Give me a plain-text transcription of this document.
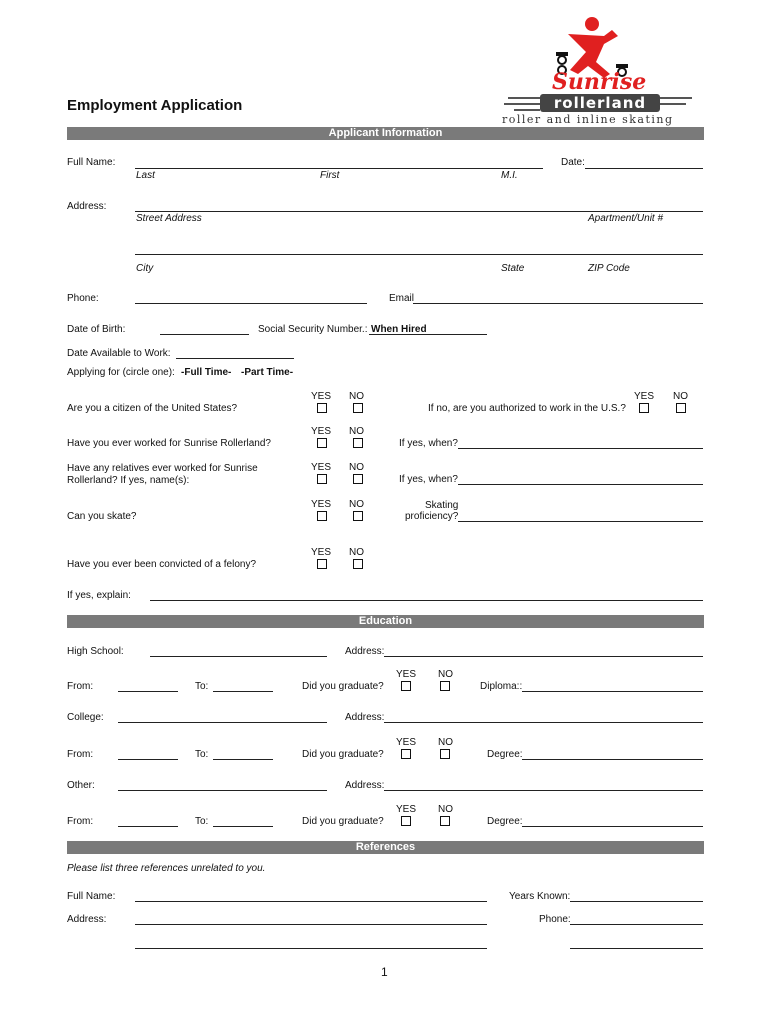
Sunrise
rollerland
roller and inline skating
Employment Application
Applicant Information
Full Name:	Date:
Last	First	M.I.
Address:
Street Address	Apartment/Unit #
City	State	ZIP Code
Phone:	Email
Date of Birth:	Social Security Number.: When Hired
Date Available to Work:
Applying for (circle one): -Full Time- -Part Time-
YES NO
Are you a citizen of the United States?	If no, are you authorized to work in the U.S.?
YES NO
YES NO
Have you ever worked for Sunrise Rollerland?	If yes, when?
YES NO
Have any relatives ever worked for Sunrise
Rollerland? If yes, name(s):	If yes, when?
YES NO
Can you skate?
Skating
proficiency?
YES NO
Have you ever been convicted of a felony?
If yes, explain:
Education
High School:	Address:
YES NO
From:	To:	Did you graduate?	Diploma::
College:	Address:
YES NO
From:	To:	Did you graduate?	Degree:
Other:	Address:
YES NO
From:	To:	Did you graduate?	Degree:
References
Please list three references unrelated to you.
Full Name:	Years Known:
Address:	Phone:
1
